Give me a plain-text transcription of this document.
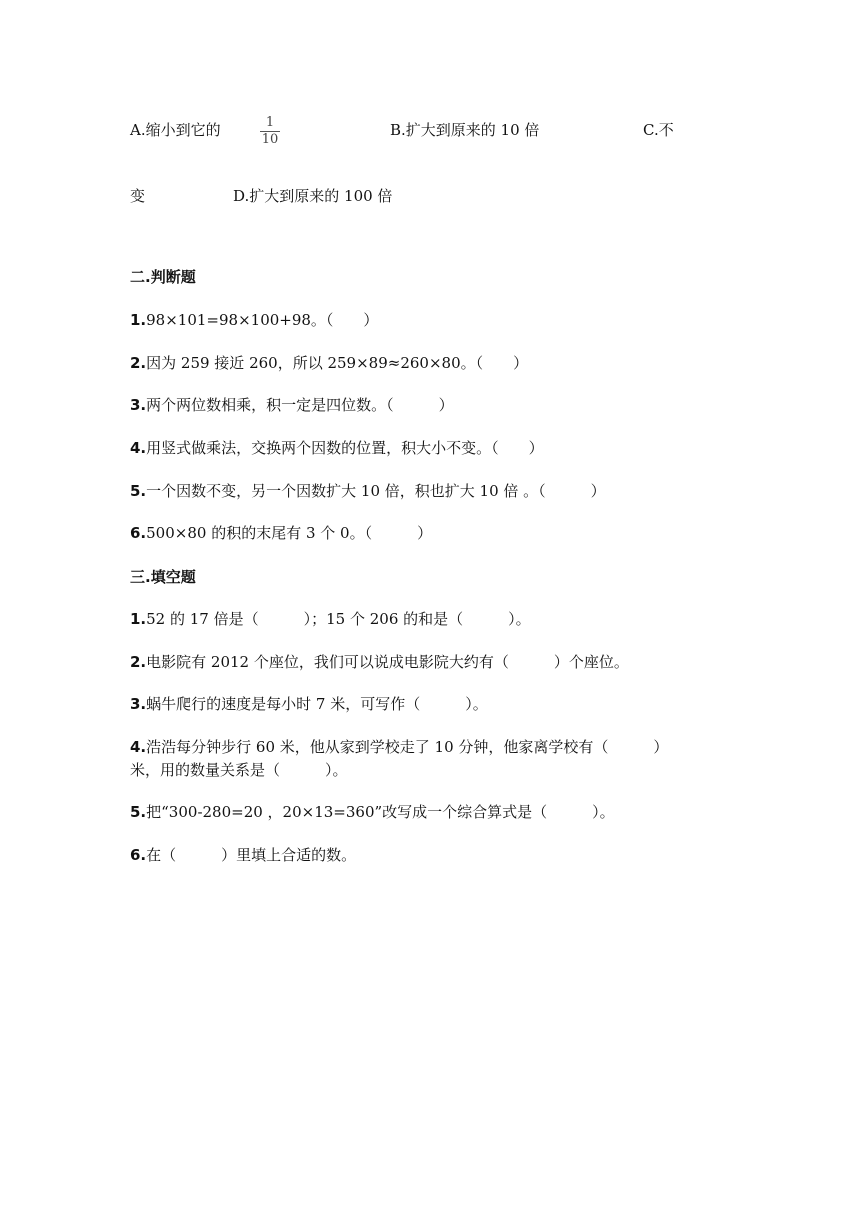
A.缩小到它的	1
10
B.扩大到原来的 10 倍	C.不
变	D.扩大到原来的 100 倍
二.判断题
1.98×101=98×100+98。（　　）
2.因为 259 接近 260，所以 259×89≈260×80。（　　）
3.两个两位数相乘，积一定是四位数。（　　　）
4.用竖式做乘法，交换两个因数的位置，积大小不变。（　　）
5.一个因数不变，另一个因数扩大 10 倍，积也扩大 10 倍 。（　　　）
6.500×80 的积的末尾有 3 个 0。（　　　）
三.填空题
1.52 的 17 倍是（　　　）；15 个 206 的和是（　　　）。
2.电影院有 2012 个座位，我们可以说成电影院大约有（　　　）个座位。
3.蜗牛爬行的速度是每小时 7 米，可写作（　　　）。
4.浩浩每分钟步行 60 米，他从家到学校走了 10 分钟，他家离学校有（　　　）
米，用的数量关系是（　　　）。
5.把“300-280=20 ，20×13=360”改写成一个综合算式是（　　　）。
6.在（　　　）里填上合适的数。
